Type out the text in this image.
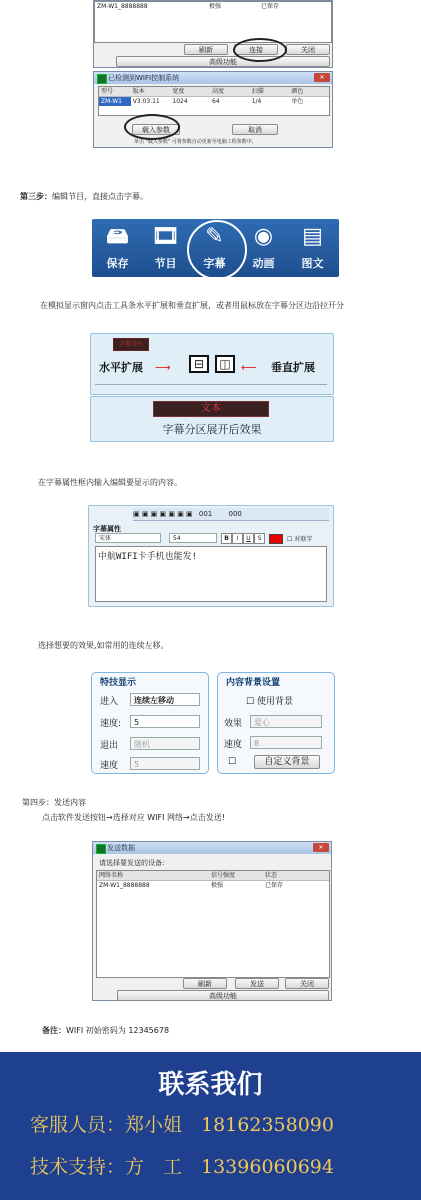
ZM-W1_8888888	极强	已保存
刷新	连接	关闭
高级功能
已检测到WIFI控制系统	✕
型号	版本	宽度	高度	扫描	颜色
ZM-W1	V3.03.11	1024	64	1/4	单色
载入参数	取消
单击 "载入参数" 可将参数自动更新至电脑工程参数中。
第三步：编辑节目，直接点击字幕。
🖴
保存
🎞
节目
✎
字幕
◉
动画
▤
图文
在模拟显示窗内点击工具条水平扩展和垂直扩展，或者用鼠标放在字幕分区边沿拉开分
字幕分区
水平扩展 ⟶	⊟	◫ ⟵ 垂直扩展
文本
字幕分区展开后效果
在字幕属性框内输入编辑要显示的内容。
▣ ▣ ▣ ▣ ▣ ▣ ▣ 001 000
字幕属性
宋体	54	B	I	U	S	☐ 对联字
中航WIFI卡手机也能发!
选择想要的效果,如常用的连续左移。
特技显示
进入	连续左移动
速度:	5
退出	随机
速度	5
内容背景设置
☐ 使用背景
效果	爱心
速度	8
☐	自定义背景
第四步：发送内容
点击软件发送按钮→选择对应 WIFI 网络→点击发送!
发送数据	✕
请选择要发送的设备:
网络名称	信号强度	状态
ZM-W1_8888888	极强	已保存
刷新	发送	关闭
高级功能
备注：WIFI 初始密码为 12345678
联系我们
客服人员：郑小姐　18162358090
技术支持：方　工　13396060694
